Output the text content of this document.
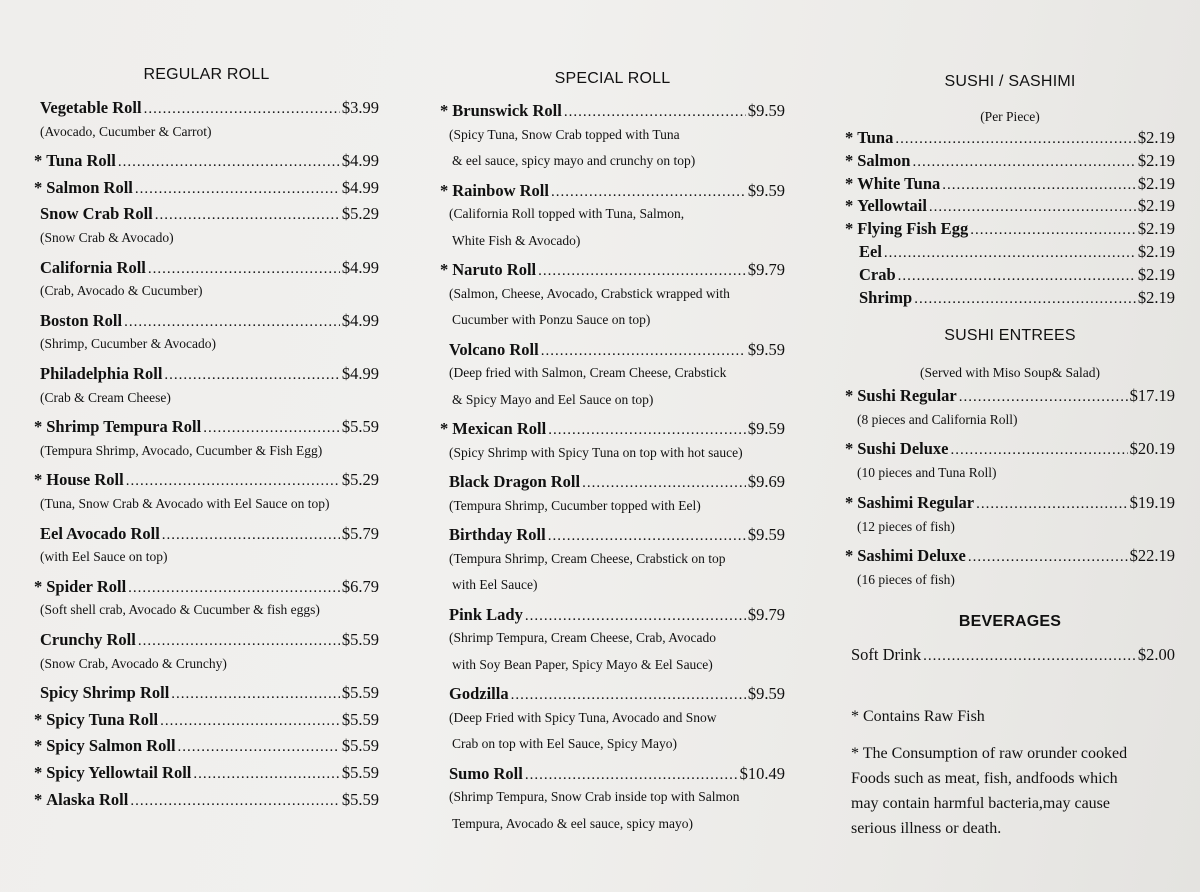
REGULAR ROLL
Vegetable Roll .....	$3.99
(Avocado, Cucumber & Carrot)
* Tuna Roll .....	$4.99
* Salmon Roll .....	$4.99
Snow Crab Roll .....	$5.29
(Snow Crab & Avocado)
California Roll .....	$4.99
(Crab, Avocado & Cucumber)
Boston Roll .....	$4.99
(Shrimp, Cucumber & Avocado)
Philadelphia Roll .....	$4.99
(Crab & Cream Cheese)
* Shrimp Tempura Roll .....	$5.59
(Tempura Shrimp, Avocado, Cucumber & Fish Egg)
* House Roll .....	$5.29
(Tuna, Snow Crab & Avocado with Eel Sauce on top)
Eel Avocado Roll .....	$5.79
(with Eel Sauce on top)
* Spider Roll .....	$6.79
(Soft shell crab, Avocado & Cucumber & fish eggs)
Crunchy Roll .....	$5.59
(Snow Crab, Avocado & Crunchy)
Spicy Shrimp Roll .....	$5.59
* Spicy Tuna Roll .....	$5.59
* Spicy Salmon Roll .....	$5.59
* Spicy Yellowtail Roll .....	$5.59
* Alaska Roll .....	$5.59
SPECIAL ROLL
* Brunswick Roll .....	$9.59
(Spicy Tuna, Snow Crab topped with Tuna
& eel sauce, spicy mayo and crunchy on top)
* Rainbow Roll .....	$9.59
(California Roll topped with Tuna, Salmon,
White Fish & Avocado)
* Naruto Roll .....	$9.79
(Salmon, Cheese, Avocado, Crabstick wrapped with
Cucumber with Ponzu Sauce on top)
Volcano Roll .....	$9.59
(Deep fried with Salmon, Cream Cheese, Crabstick
& Spicy Mayo and Eel Sauce on top)
* Mexican Roll .....	$9.59
(Spicy Shrimp with Spicy Tuna on top with hot sauce)
Black Dragon Roll .....	$9.69
(Tempura Shrimp, Cucumber topped with Eel)
Birthday Roll .....	$9.59
(Tempura Shrimp, Cream Cheese, Crabstick on top
with Eel Sauce)
Pink Lady .....	$9.79
(Shrimp Tempura, Cream Cheese, Crab, Avocado
with Soy Bean Paper, Spicy Mayo & Eel Sauce)
Godzilla .....	$9.59
(Deep Fried with Spicy Tuna, Avocado and Snow
Crab on top with Eel Sauce, Spicy Mayo)
Sumo Roll .....	$10.49
(Shrimp Tempura, Snow Crab inside top with Salmon
Tempura, Avocado & eel sauce, spicy mayo)
SUSHI / SASHIMI
(Per Piece)
* Tuna .....	$2.19
* Salmon .....	$2.19
* White Tuna .....	$2.19
* Yellowtail .....	$2.19
* Flying Fish Egg .....	$2.19
Eel .....	$2.19
Crab .....	$2.19
Shrimp .....	$2.19
SUSHI ENTREES
(Served with Miso Soup& Salad)
* Sushi Regular .....	$17.19
(8 pieces and California Roll)
* Sushi Deluxe .....	$20.19
(10 pieces and Tuna Roll)
* Sashimi Regular .....	$19.19
(12 pieces of fish)
* Sashimi Deluxe .....	$22.19
(16 pieces of fish)
BEVERAGES
Soft Drink .....	$2.00
* Contains Raw Fish
* The Consumption of raw orunder cooked
Foods such as meat, fish, andfoods which
may contain harmful bacteria,may cause
serious illness or death.
